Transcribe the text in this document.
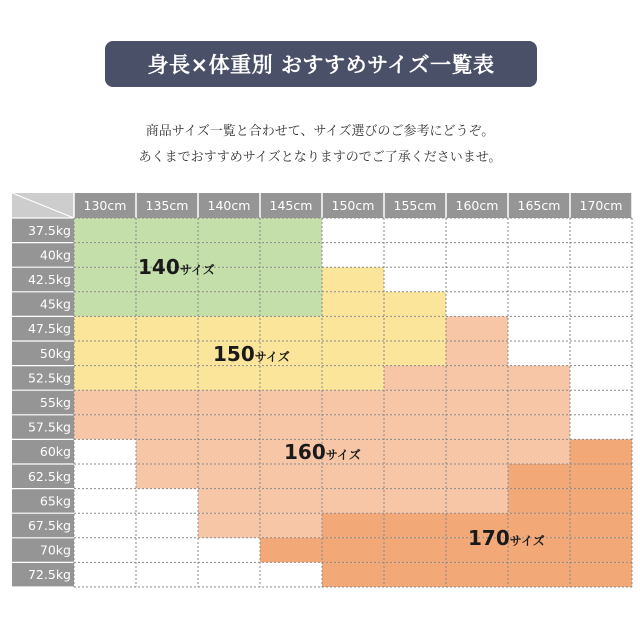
身長×体重別 おすすめサイズ一覧表
商品サイズ一覧と合わせて、サイズ選びのご参考にどうぞ。
あくまでおすすめサイズとなりますのでご了承くださいませ。
130cm 135cm 140cm 145cm 150cm 155cm 160cm 165cm 170cm
37.5kg
40kg
42.5kg
45kg
47.5kg
50kg
52.5kg
55kg
57.5kg
60kg
62.5kg
65kg
67.5kg
70kg
72.5kg
140サイズ
150サイズ
160サイズ
170サイズ
